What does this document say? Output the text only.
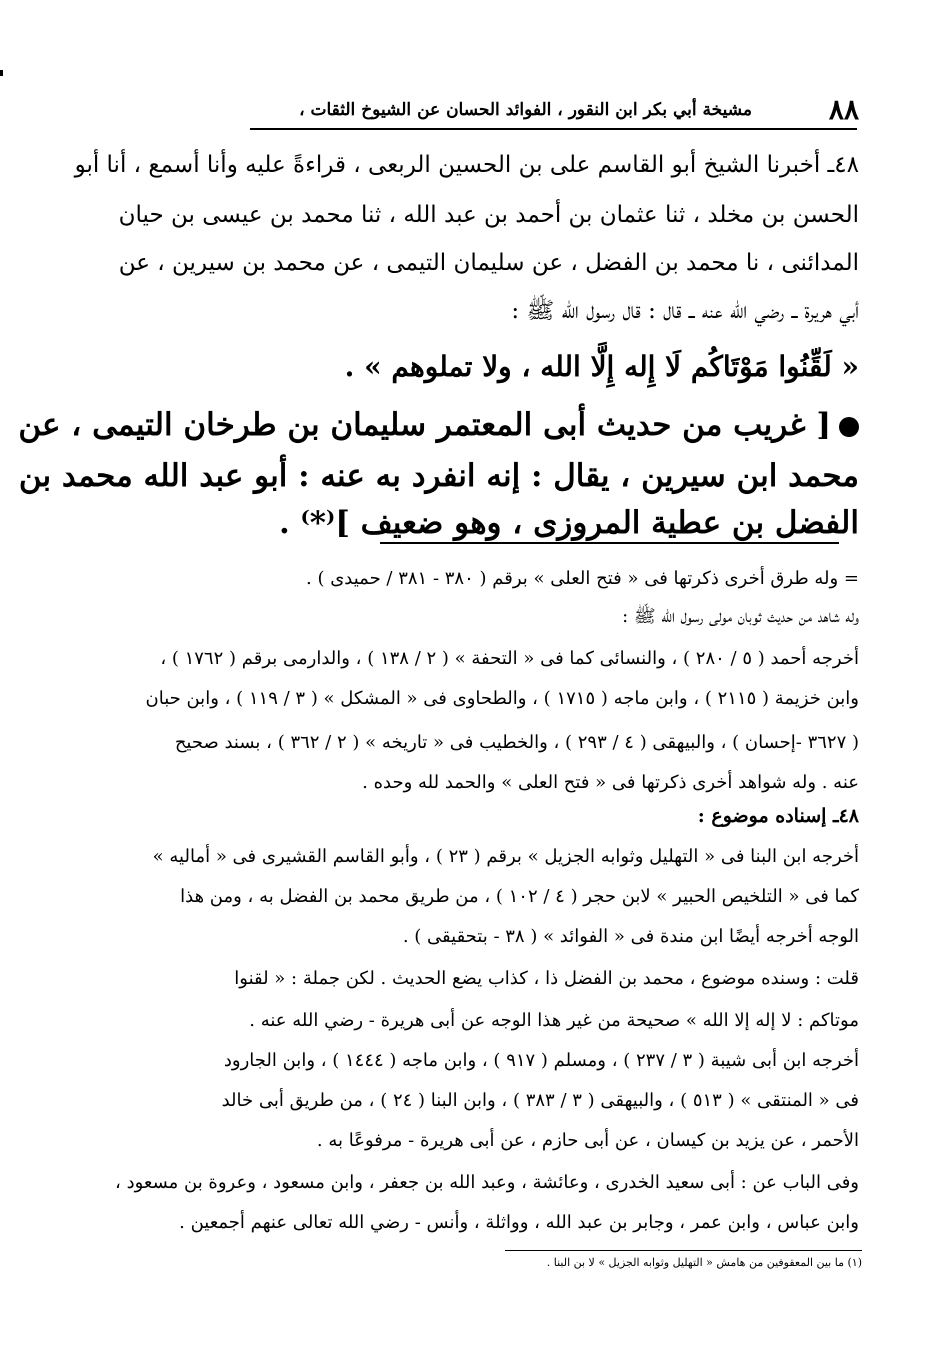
٨٨
مشيخة أبي بكر ابن النقور ، الفوائد الحسان عن الشيوخ الثقات ،
٤٨ـ أخبرنا الشيخ أبو القاسم على بن الحسين الربعى ، قراءةً عليه وأنا أسمع ، أنا أبو
الحسن بن مخلد ، ثنا عثمان بن أحمد بن عبد الله ، ثنا محمد بن عيسى بن حيان
المدائنى ، نا محمد بن الفضل ، عن سليمان التيمى ، عن محمد بن سيرين ، عن
أبي هريرة ــ رضي الله عنه ــ قال : قال رسول الله ﷺ :
« لَقِّنُوا مَوْتَاكُم لَا إِله إِلَّا الله ، ولا تملوهم » .
[ غريب من حديث أبى المعتمر سليمان بن طرخان التيمى ، عن
محمد ابن سيرين ، يقال : إنه انفرد به عنه : أبو عبد الله محمد بن
الفضل بن عطية المروزى ، وهو ضعيف ]⁽*⁾ .
= وله طرق أخرى ذكرتها فى « فتح العلى » برقم ( ٣٨٠ - ٣٨١ / حميدى ) .
وله شاهد من حديث ثوبان مولى رسول الله ﷺ :
أخرجه أحمد ( ٥ / ٢٨٠ ) ، والنسائى كما فى « التحفة » ( ٢ / ١٣٨ ) ، والدارمى برقم ( ١٧٦٢ ) ،
وابن خزيمة ( ٢١١٥ ) ، وابن ماجه ( ١٧١٥ ) ، والطحاوى فى « المشكل » ( ٣ / ١١٩ ) ، وابن حبان
( ٣٦٢٧ -إحسان ) ، والبيهقى ( ٤ / ٢٩٣ ) ، والخطيب فى « تاريخه » ( ٢ / ٣٦٢ ) ، بسند صحيح
عنه . وله شواهد أخرى ذكرتها فى « فتح العلى » والحمد لله وحده .
٤٨ـ إسناده موضوع :
أخرجه ابن البنا فى « التهليل وثوابه الجزيل » برقم ( ٢٣ ) ، وأبو القاسم القشيرى فى « أماليه »
كما فى « التلخيص الحبير » لابن حجر ( ٤ / ١٠٢ ) ، من طريق محمد بن الفضل به ، ومن هذا
الوجه أخرجه أيضًا ابن مندة فى « الفوائد » ( ٣٨ - بتحقيقى ) .
قلت : وسنده موضوع ، محمد بن الفضل ذا ، كذاب يضع الحديث . لكن جملة : « لقنوا
موتاكم : لا إله إلا الله » صحيحة من غير هذا الوجه عن أبى هريرة - رضي الله عنه .
أخرجه ابن أبى شيبة ( ٣ / ٢٣٧ ) ، ومسلم ( ٩١٧ ) ، وابن ماجه ( ١٤٤٤ ) ، وابن الجارود
فى « المنتقى » ( ٥١٣ ) ، والبيهقى ( ٣ / ٣٨٣ ) ، وابن البنا ( ٢٤ ) ، من طريق أبى خالد
الأحمر ، عن يزيد بن كيسان ، عن أبى حازم ، عن أبى هريرة - مرفوعًا به .
وفى الباب عن : أبى سعيد الخدرى ، وعائشة ، وعبد الله بن جعفر ، وابن مسعود ، وعروة بن مسعود ،
وابن عباس ، وابن عمر ، وجابر بن عبد الله ، وواثلة ، وأنس - رضي الله تعالى عنهم أجمعين .
(١) ما بين المعقوفين من هامش « التهليل وثوابه الجزيل » لا بن البنا .
